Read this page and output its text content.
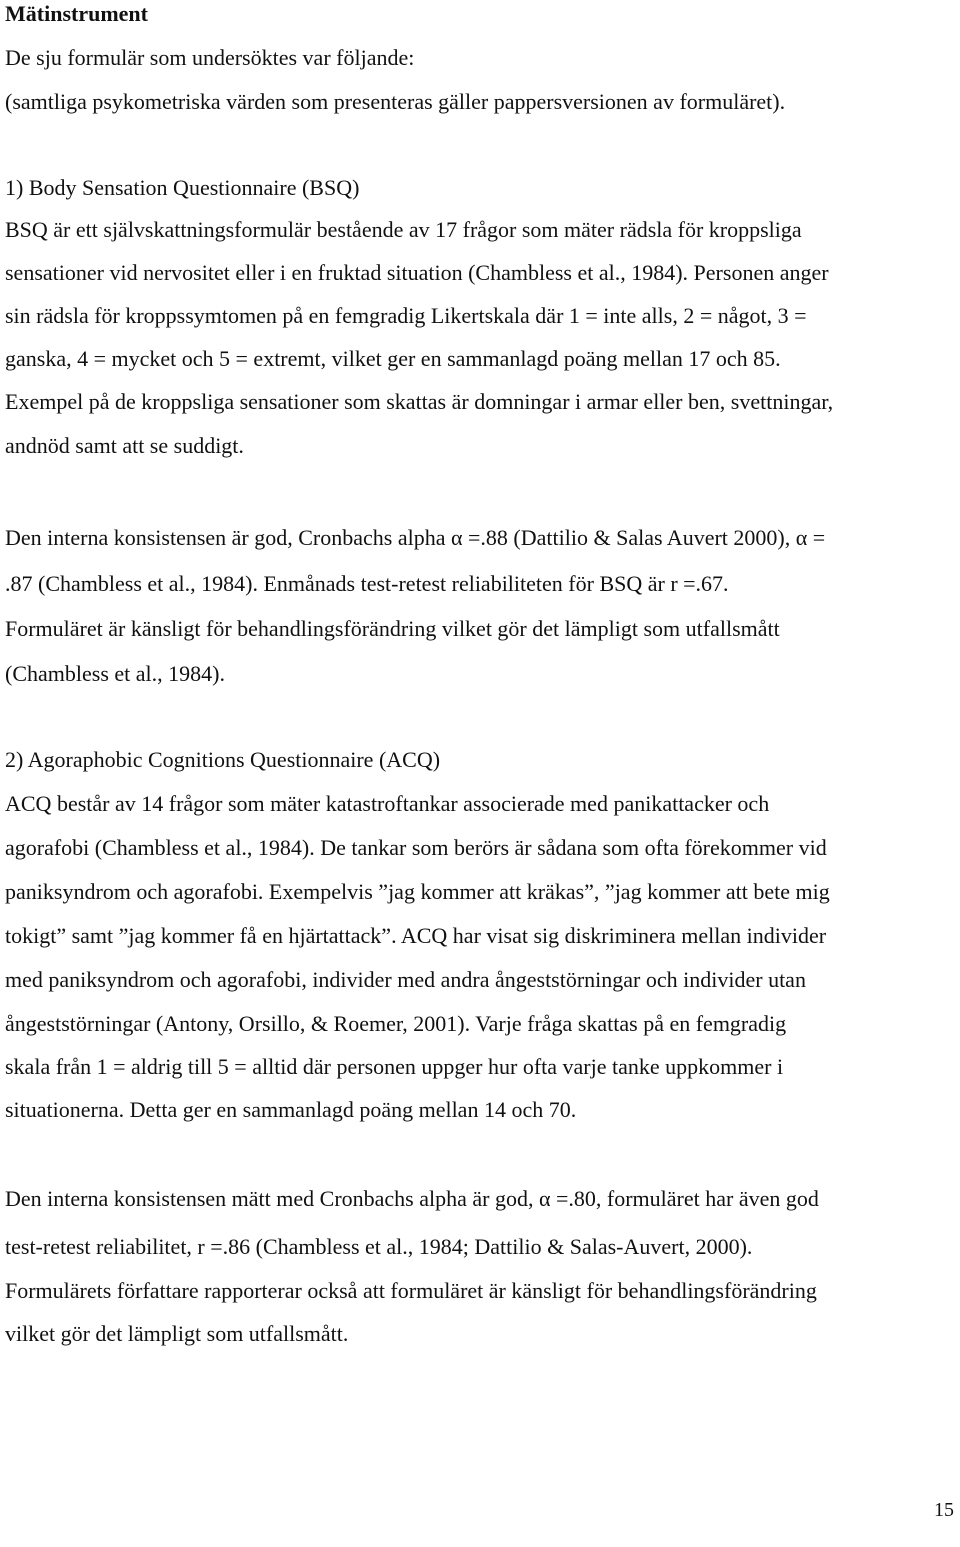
Mätinstrument

De sju formulär som undersöktes var följande:

(samtliga psykometriska värden som presenteras gäller pappersversionen av formuläret).

1) Body Sensation Questionnaire (BSQ)

BSQ är ett självskattningsformulär bestående av 17 frågor som mäter rädsla för kroppsliga

sensationer vid nervositet eller i en fruktad situation (Chambless et al., 1984). Personen anger

sin rädsla för kroppssymtomen på en femgradig Likertskala där 1 = inte alls, 2 = något, 3 =

ganska, 4 = mycket och 5 = extremt, vilket ger en sammanlagd poäng mellan 17 och 85.

Exempel på de kroppsliga sensationer som skattas är domningar i armar eller ben, svettningar,

andnöd samt att se suddigt.

Den interna konsistensen är god, Cronbachs alpha α =.88 (Dattilio & Salas Auvert 2000), α =

.87 (Chambless et al., 1984). Enmånads test-retest reliabiliteten för BSQ är r =.67.

Formuläret är känsligt för behandlingsförändring vilket gör det lämpligt som utfallsmått

(Chambless et al., 1984).

2) Agoraphobic Cognitions Questionnaire (ACQ)

ACQ består av 14 frågor som mäter katastroftankar associerade med panikattacker och

agorafobi (Chambless et al., 1984). De tankar som berörs är sådana som ofta förekommer vid

paniksyndrom och agorafobi. Exempelvis ”jag kommer att kräkas”, ”jag kommer att bete mig

tokigt” samt ”jag kommer få en hjärtattack”. ACQ har visat sig diskriminera mellan individer

med paniksyndrom och agorafobi, individer med andra ångeststörningar och individer utan

ångeststörningar (Antony, Orsillo, & Roemer, 2001). Varje fråga skattas på en femgradig

skala från 1 = aldrig till 5 = alltid där personen uppger hur ofta varje tanke uppkommer i

situationerna. Detta ger en sammanlagd poäng mellan 14 och 70.

Den interna konsistensen mätt med Cronbachs alpha är god, α =.80, formuläret har även god

test-retest reliabilitet, r =.86 (Chambless et al., 1984; Dattilio & Salas-Auvert, 2000).

Formulärets författare rapporterar också att formuläret är känsligt för behandlingsförändring

vilket gör det lämpligt som utfallsmått.

15
